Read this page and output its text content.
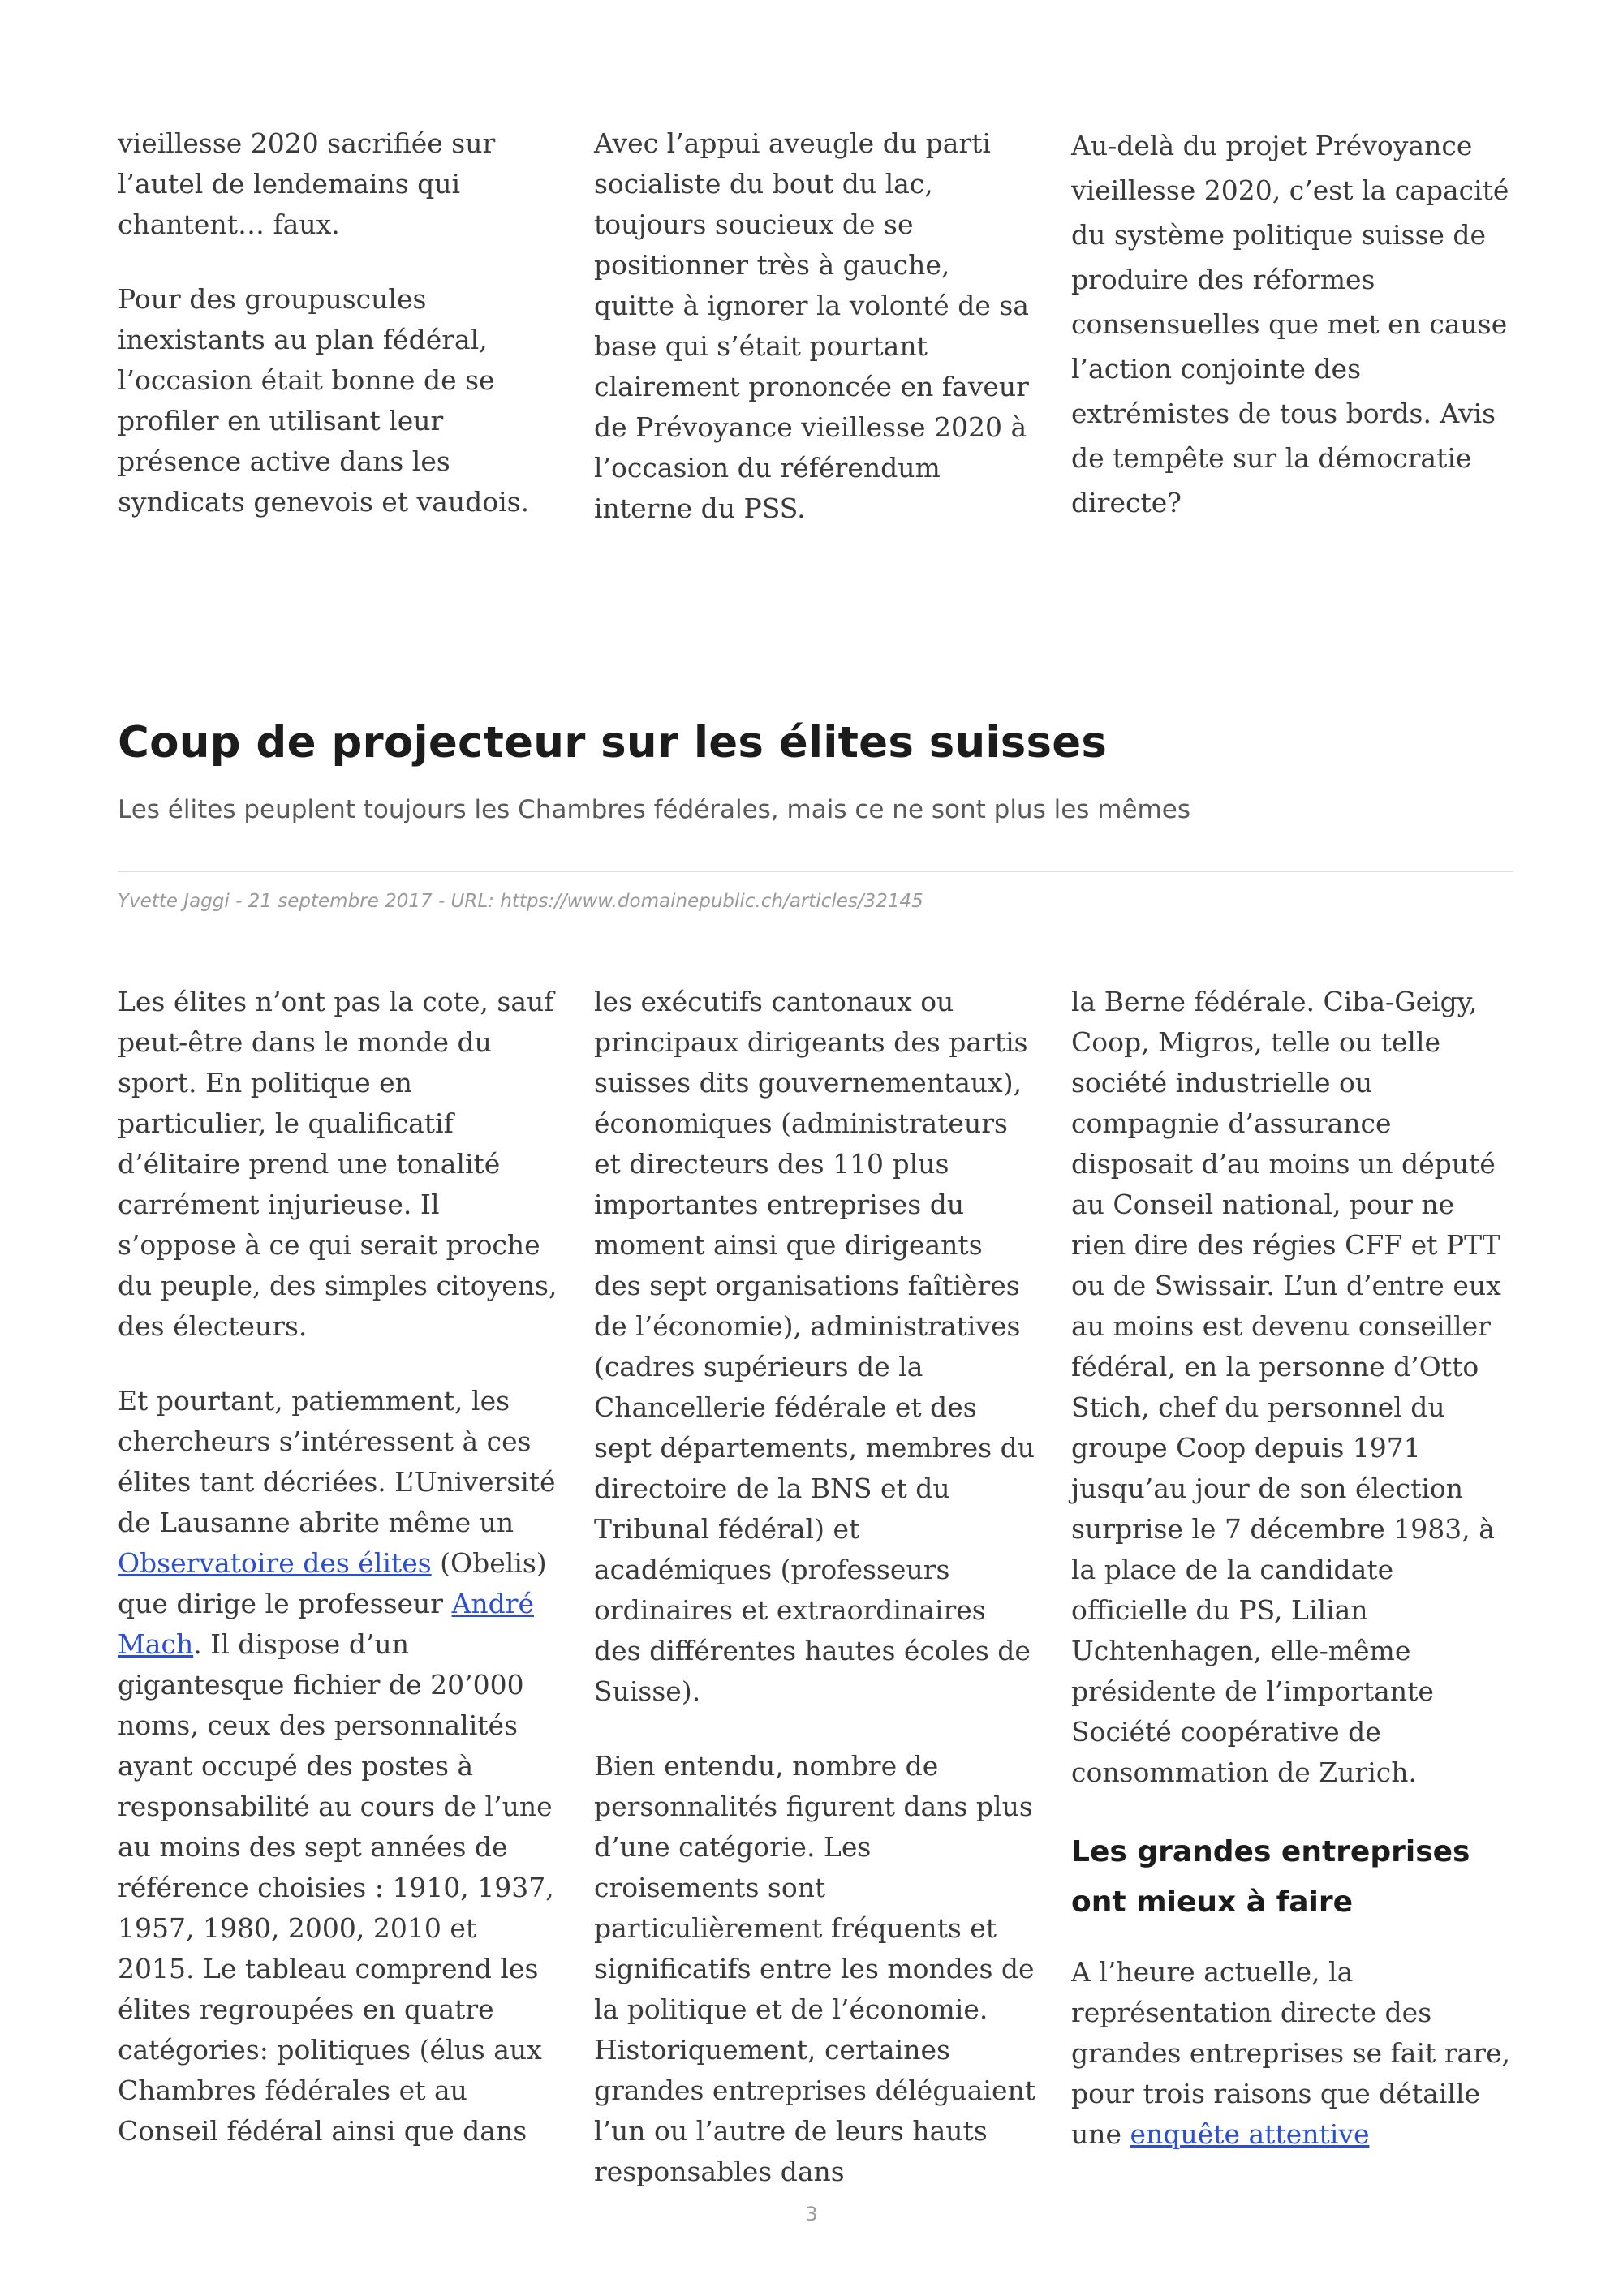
vieillesse 2020 sacrifiée sur l’autel de lendemains qui chantent… faux.

Pour des groupuscules inexistants au plan fédéral, l’occasion était bonne de se profiler en utilisant leur présence active dans les syndicats genevois et vaudois.

Avec l’appui aveugle du parti socialiste du bout du lac, toujours soucieux de se positionner très à gauche, quitte à ignorer la volonté de sa base qui s’était pourtant clairement prononcée en faveur de Prévoyance vieillesse 2020 à l’occasion du référendum interne du PSS.

Au-delà du projet Prévoyance vieillesse 2020, c’est la capacité du système politique suisse de produire des réformes consensuelles que met en cause l’action conjointe des extrémistes de tous bords. Avis de tempête sur la démocratie directe?

Coup de projecteur sur les élites suisses
Les élites peuplent toujours les Chambres fédérales, mais ce ne sont plus les mêmes
Yvette Jaggi - 21 septembre 2017 - URL: https://www.domainepublic.ch/articles/32145

Les élites n’ont pas la cote, sauf peut-être dans le monde du sport. En politique en particulier, le qualificatif d’élitaire prend une tonalité carrément injurieuse. Il s’oppose à ce qui serait proche du peuple, des simples citoyens, des électeurs.

Et pourtant, patiemment, les chercheurs s’intéressent à ces élites tant décriées. L’Université de Lausanne abrite même un Observatoire des élites (Obelis) que dirige le professeur André Mach. Il dispose d’un gigantesque fichier de 20’000 noms, ceux des personnalités ayant occupé des postes à responsabilité au cours de l’une au moins des sept années de référence choisies : 1910, 1937, 1957, 1980, 2000, 2010 et 2015. Le tableau comprend les élites regroupées en quatre catégories: politiques (élus aux Chambres fédérales et au Conseil fédéral ainsi que dans

les exécutifs cantonaux ou principaux dirigeants des partis suisses dits gouvernementaux), économiques (administrateurs et directeurs des 110 plus importantes entreprises du moment ainsi que dirigeants des sept organisations faîtières de l’économie), administratives (cadres supérieurs de la Chancellerie fédérale et des sept départements, membres du directoire de la BNS et du Tribunal fédéral) et académiques (professeurs ordinaires et extraordinaires des différentes hautes écoles de Suisse).

Bien entendu, nombre de personnalités figurent dans plus d’une catégorie. Les croisements sont particulièrement fréquents et significatifs entre les mondes de la politique et de l’économie. Historiquement, certaines grandes entreprises déléguaient l’un ou l’autre de leurs hauts responsables dans

la Berne fédérale. Ciba-Geigy, Coop, Migros, telle ou telle société industrielle ou compagnie d’assurance disposait d’au moins un député au Conseil national, pour ne rien dire des régies CFF et PTT ou de Swissair. L’un d’entre eux au moins est devenu conseiller fédéral, en la personne d’Otto Stich, chef du personnel du groupe Coop depuis 1971 jusqu’au jour de son élection surprise le 7 décembre 1983, à la place de la candidate officielle du PS, Lilian Uchtenhagen, elle-même présidente de l’importante Société coopérative de consommation de Zurich.

Les grandes entreprises ont mieux à faire

A l’heure actuelle, la représentation directe des grandes entreprises se fait rare, pour trois raisons que détaille une enquête attentive

3
